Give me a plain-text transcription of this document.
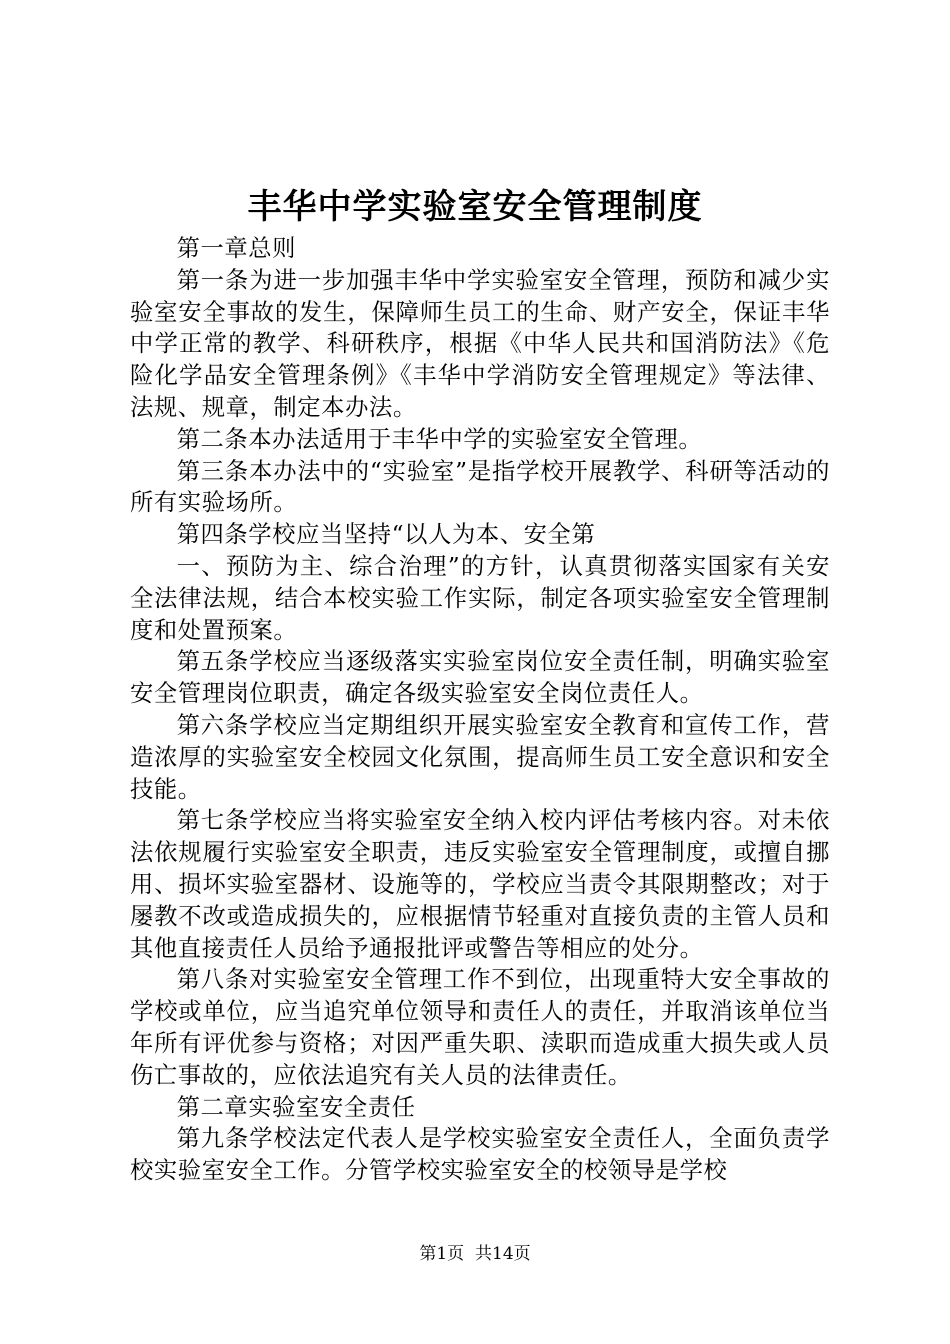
丰华中学实验室安全管理制度

第一章总则

第一条为进一步加强丰华中学实验室安全管理，预防和减少实验室安全事故的发生，保障师生员工的生命、财产安全，保证丰华中学正常的教学、科研秩序，根据《中华人民共和国消防法》《危险化学品安全管理条例》《丰华中学消防安全管理规定》等法律、法规、规章，制定本办法。

第二条本办法适用于丰华中学的实验室安全管理。

第三条本办法中的“实验室”是指学校开展教学、科研等活动的所有实验场所。

第四条学校应当坚持“以人为本、安全第

一、预防为主、综合治理”的方针，认真贯彻落实国家有关安全法律法规，结合本校实验工作实际，制定各项实验室安全管理制度和处置预案。

第五条学校应当逐级落实实验室岗位安全责任制，明确实验室安全管理岗位职责，确定各级实验室安全岗位责任人。

第六条学校应当定期组织开展实验室安全教育和宣传工作，营造浓厚的实验室安全校园文化氛围，提高师生员工安全意识和安全技能。

第七条学校应当将实验室安全纳入校内评估考核内容。对未依法依规履行实验室安全职责，违反实验室安全管理制度，或擅自挪用、损坏实验室器材、设施等的，学校应当责令其限期整改；对于屡教不改或造成损失的，应根据情节轻重对直接负责的主管人员和其他直接责任人员给予通报批评或警告等相应的处分。

第八条对实验室安全管理工作不到位，出现重特大安全事故的学校或单位，应当追究单位领导和责任人的责任，并取消该单位当年所有评优参与资格；对因严重失职、渎职而造成重大损失或人员伤亡事故的，应依法追究有关人员的法律责任。

第二章实验室安全责任

第九条学校法定代表人是学校实验室安全责任人，全面负责学校实验室安全工作。分管学校实验室安全的校领导是学校

第1页 共14页
